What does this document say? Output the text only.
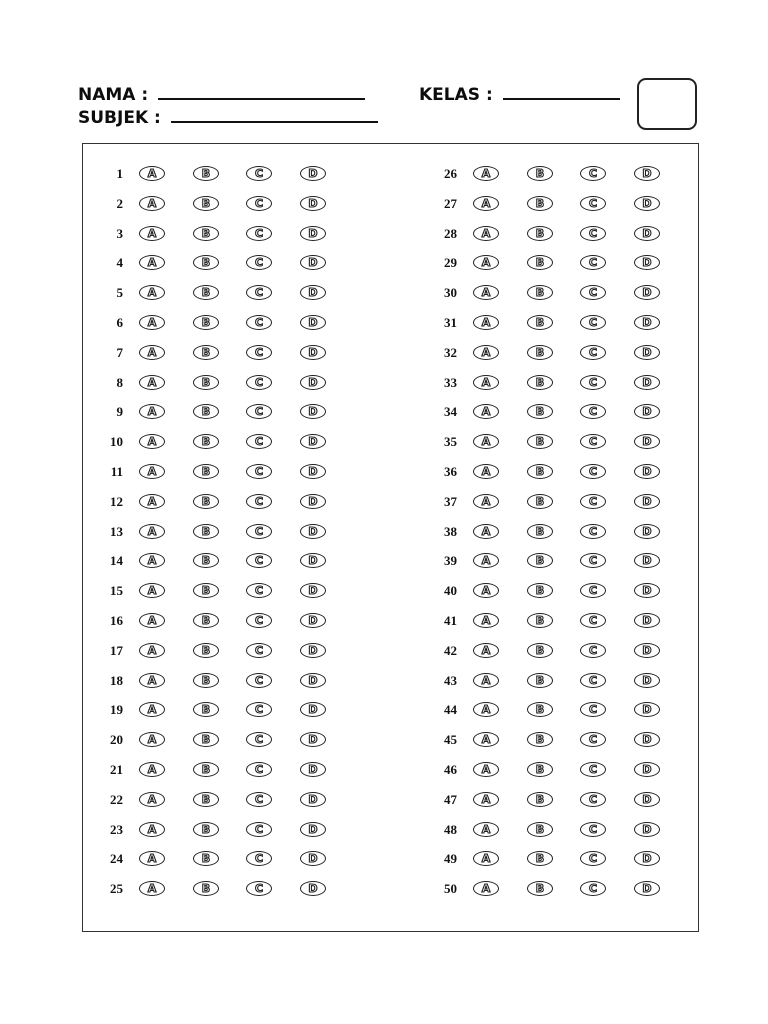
NAMA :	KELAS :
SUBJEK :
1	A	B	C	D
2	A	B	C	D
3	A	B	C	D
4	A	B	C	D
5	A	B	C	D
6	A	B	C	D
7	A	B	C	D
8	A	B	C	D
9	A	B	C	D
10	A	B	C	D
11	A	B	C	D
12	A	B	C	D
13	A	B	C	D
14	A	B	C	D
15	A	B	C	D
16	A	B	C	D
17	A	B	C	D
18	A	B	C	D
19	A	B	C	D
20	A	B	C	D
21	A	B	C	D
22	A	B	C	D
23	A	B	C	D
24	A	B	C	D
25	A	B	C	D
26	A	B	C	D
27	A	B	C	D
28	A	B	C	D
29	A	B	C	D
30	A	B	C	D
31	A	B	C	D
32	A	B	C	D
33	A	B	C	D
34	A	B	C	D
35	A	B	C	D
36	A	B	C	D
37	A	B	C	D
38	A	B	C	D
39	A	B	C	D
40	A	B	C	D
41	A	B	C	D
42	A	B	C	D
43	A	B	C	D
44	A	B	C	D
45	A	B	C	D
46	A	B	C	D
47	A	B	C	D
48	A	B	C	D
49	A	B	C	D
50	A	B	C	D
